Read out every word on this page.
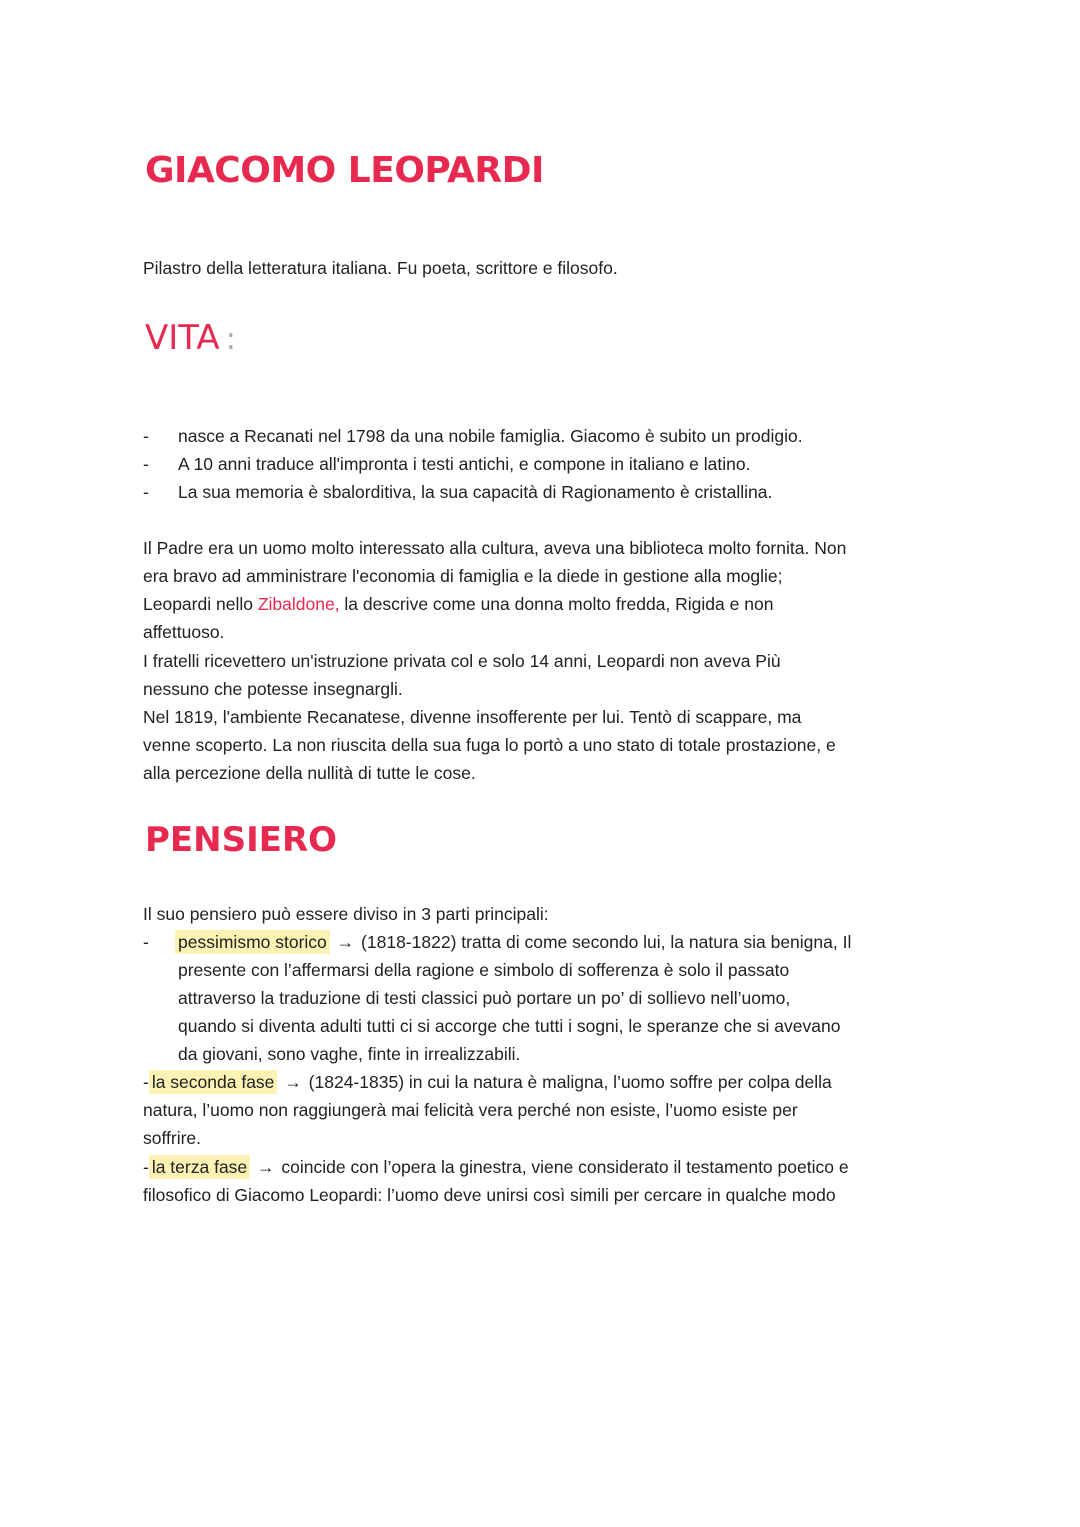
GIACOMO LEOPARDI
Pilastro della letteratura italiana. Fu poeta, scrittore e filosofo.
VITA :
- nasce a Recanati nel 1798 da una nobile famiglia. Giacomo è subito un prodigio.
- A 10 anni traduce all'impronta i testi antichi, e compone in italiano e latino.
- La sua memoria è sbalorditiva, la sua capacità di Ragionamento è cristallina.
Il Padre era un uomo molto interessato alla cultura, aveva una biblioteca molto fornita. Non
era bravo ad amministrare l'economia di famiglia e la diede in gestione alla moglie;
Leopardi nello Zibaldone, la descrive come una donna molto fredda, Rigida e non
affettuoso.
I fratelli ricevettero un'istruzione privata col e solo 14 anni, Leopardi non aveva Più
nessuno che potesse insegnargli.
Nel 1819, l'ambiente Recanatese, divenne insofferente per lui. Tentò di scappare, ma
venne scoperto. La non riuscita della sua fuga lo portò a uno stato di totale prostazione, e
alla percezione della nullità di tutte le cose.
PENSIERO
Il suo pensiero può essere diviso in 3 parti principali:
- pessimismo storico → (1818-1822) tratta di come secondo lui, la natura sia benigna, Il
presente con l’affermarsi della ragione e simbolo di sofferenza è solo il passato
attraverso la traduzione di testi classici può portare un po’ di sollievo nell’uomo,
quando si diventa adulti tutti ci si accorge che tutti i sogni, le speranze che si avevano
da giovani, sono vaghe, finte in irrealizzabili.
- la seconda fase → (1824-1835) in cui la natura è maligna, l’uomo soffre per colpa della
natura, l’uomo non raggiungerà mai felicità vera perché non esiste, l’uomo esiste per
soffrire.
- la terza fase → coincide con l’opera la ginestra, viene considerato il testamento poetico e
filosofico di Giacomo Leopardi: l’uomo deve unirsi così simili per cercare in qualche modo
